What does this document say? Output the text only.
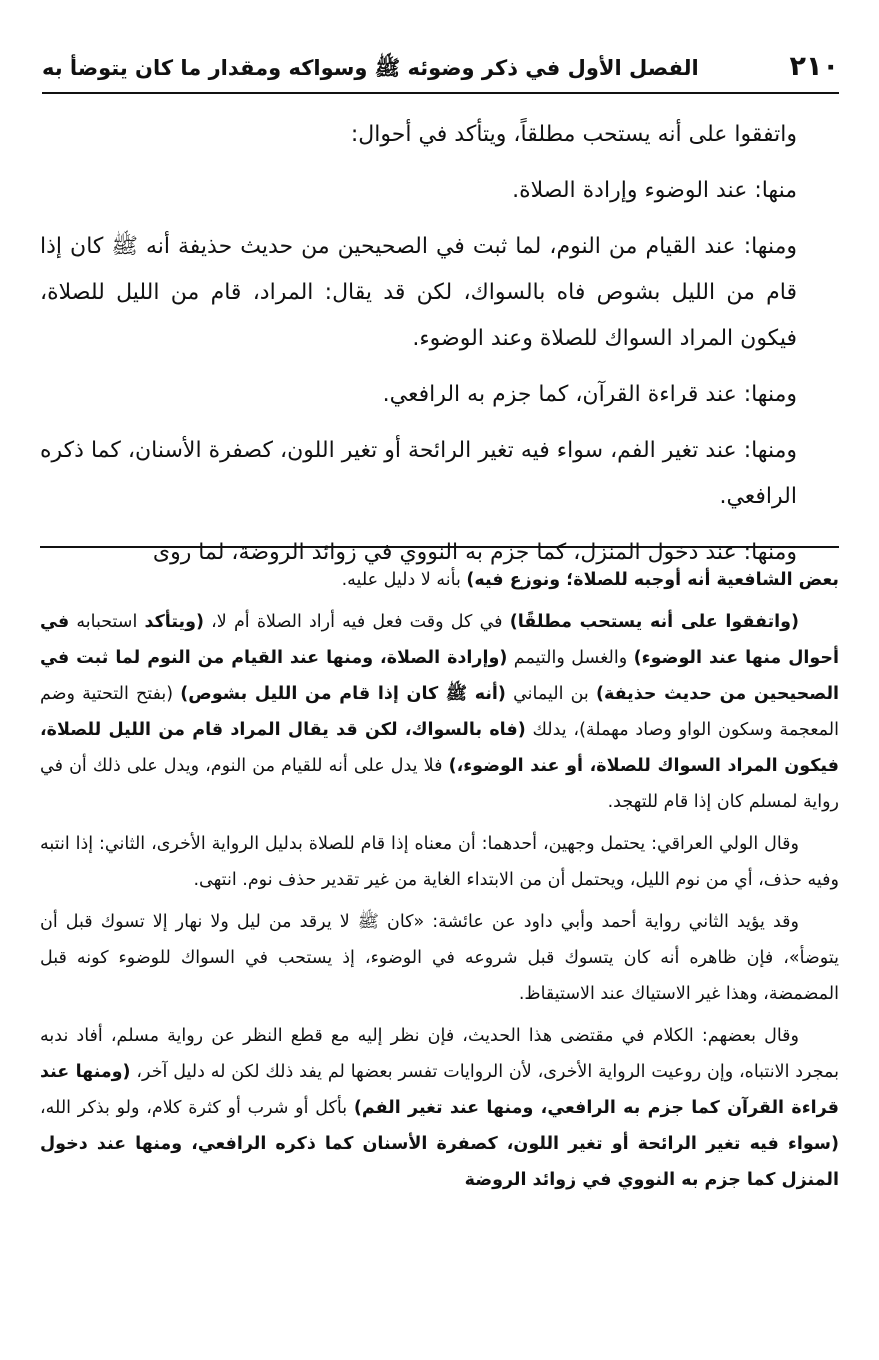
٢١٠
الفصل الأول في ذكر وضوئه ﷺ وسواكه ومقدار ما كان يتوضأ به

واتفقوا على أنه يستحب مطلقاً، ويتأكد في أحوال:

منها: عند الوضوء وإرادة الصلاة.

ومنها: عند القيام من النوم، لما ثبت في الصحيحين من حديث حذيفة أنه ﷺ كان إذا قام من الليل بشوص فاه بالسواك، لكن قد يقال: المراد، قام من الليل للصلاة، فيكون المراد السواك للصلاة وعند الوضوء.

ومنها: عند قراءة القرآن، كما جزم به الرافعي.

ومنها: عند تغير الفم، سواء فيه تغير الرائحة أو تغير اللون، كصفرة الأسنان، كما ذكره الرافعي.

ومنها: عند دخول المنزل، كما جزم به النووي في زوائد الروضة، لما روى

بعض الشافعية أنه أوجبه للصلاة؛ ونوزع فيه) بأنه لا دليل عليه.

(واتفقوا على أنه يستحب مطلقًا) في كل وقت فعل فيه أراد الصلاة أم لا، (ويتأكد استحبابه في أحوال منها عند الوضوء) والغسل والتيمم (وإرادة الصلاة، ومنها عند القيام من النوم لما ثبت في الصحيحين من حديث حذيفة) بن اليماني (أنه ﷺ كان إذا قام من الليل بشوص) (بفتح التحتية وضم المعجمة وسكون الواو وصاد مهملة)، يدلك (فاه بالسواك، لكن قد يقال المراد قام من الليل للصلاة، فيكون المراد السواك للصلاة، أو عند الوضوء،) فلا يدل على أنه للقيام من النوم، ويدل على ذلك أن في رواية لمسلم كان إذا قام للتهجد.

وقال الولي العراقي: يحتمل وجهين، أحدهما: أن معناه إذا قام للصلاة بدليل الرواية الأخرى، الثاني: إذا انتبه وفيه حذف، أي من نوم الليل، ويحتمل أن من الابتداء الغاية من غير تقدير حذف نوم. انتهى.

وقد يؤيد الثاني رواية أحمد وأبي داود عن عائشة: «كان ﷺ لا يرقد من ليل ولا نهار إلا تسوك قبل أن يتوضأ»، فإن ظاهره أنه كان يتسوك قبل شروعه في الوضوء، إذ يستحب في السواك للوضوء كونه قبل المضمضة، وهذا غير الاستياك عند الاستيقاظ.

وقال بعضهم: الكلام في مقتضى هذا الحديث، فإن نظر إليه مع قطع النظر عن رواية مسلم، أفاد ندبه بمجرد الانتباه، وإن روعيت الرواية الأخرى، لأن الروايات تفسر بعضها لم يفد ذلك لكن له دليل آخر، (ومنها عند قراءة القرآن كما جزم به الرافعي، ومنها عند تغير الفم) بأكل أو شرب أو كثرة كلام، ولو بذكر الله، (سواء فيه تغير الرائحة أو تغير اللون، كصفرة الأسنان كما ذكره الرافعي، ومنها عند دخول المنزل كما جزم به النووي في زوائد الروضة
